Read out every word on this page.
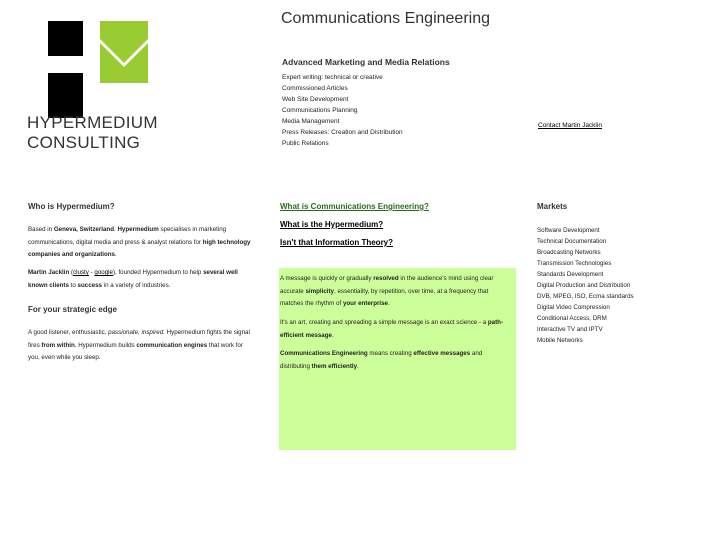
HYPERMEDIUM
CONSULTING
Communications Engineering
Advanced Marketing and Media Relations
Expert writing: technical or creative
Commissioned Articles
Web Site Development
Communications Planning
Media Management
Press Releases: Creation and Distribution
Public Relations
Contact Martin Jacklin
Who is Hypermedium?

Based in Geneva, Switzerland. Hypermedium specialises in marketing communications, digital media and press & analyst relations for high technology companies and organizations.

Martin Jacklin (clusty - google), founded Hypermedium to help several well known clients to success in a variety of industries.

For your strategic edge

A good listener, enthusiastic, passionate, inspired. Hypermedium fights the signal fires from within. Hypermedium builds communication engines that work for you, even while you sleep.

What is Communications Engineering?
What is the Hypermedium?
Isn't that Information Theory?

A message is quickly or gradually resolved in the audience's mind using clear accurate simplicity, essentiality, by repetition, over time, at a frequency that matches the rhythm of your enterprise.

It's an art, creating and spreading a simple message is an exact science - a path-efficient message.

Communications Engineering means creating effective messages and distributing them efficiently.

Markets
Software Development
Technical Documentation
Broadcasting Networks
Transmission Technologies
Standards Development
Digital Production and Distribution
DVB, MPEG, ISO, Ecma standards
Digital Video Compression
Conditional Access, DRM
Interactive TV and IPTV
Mobile Networks
